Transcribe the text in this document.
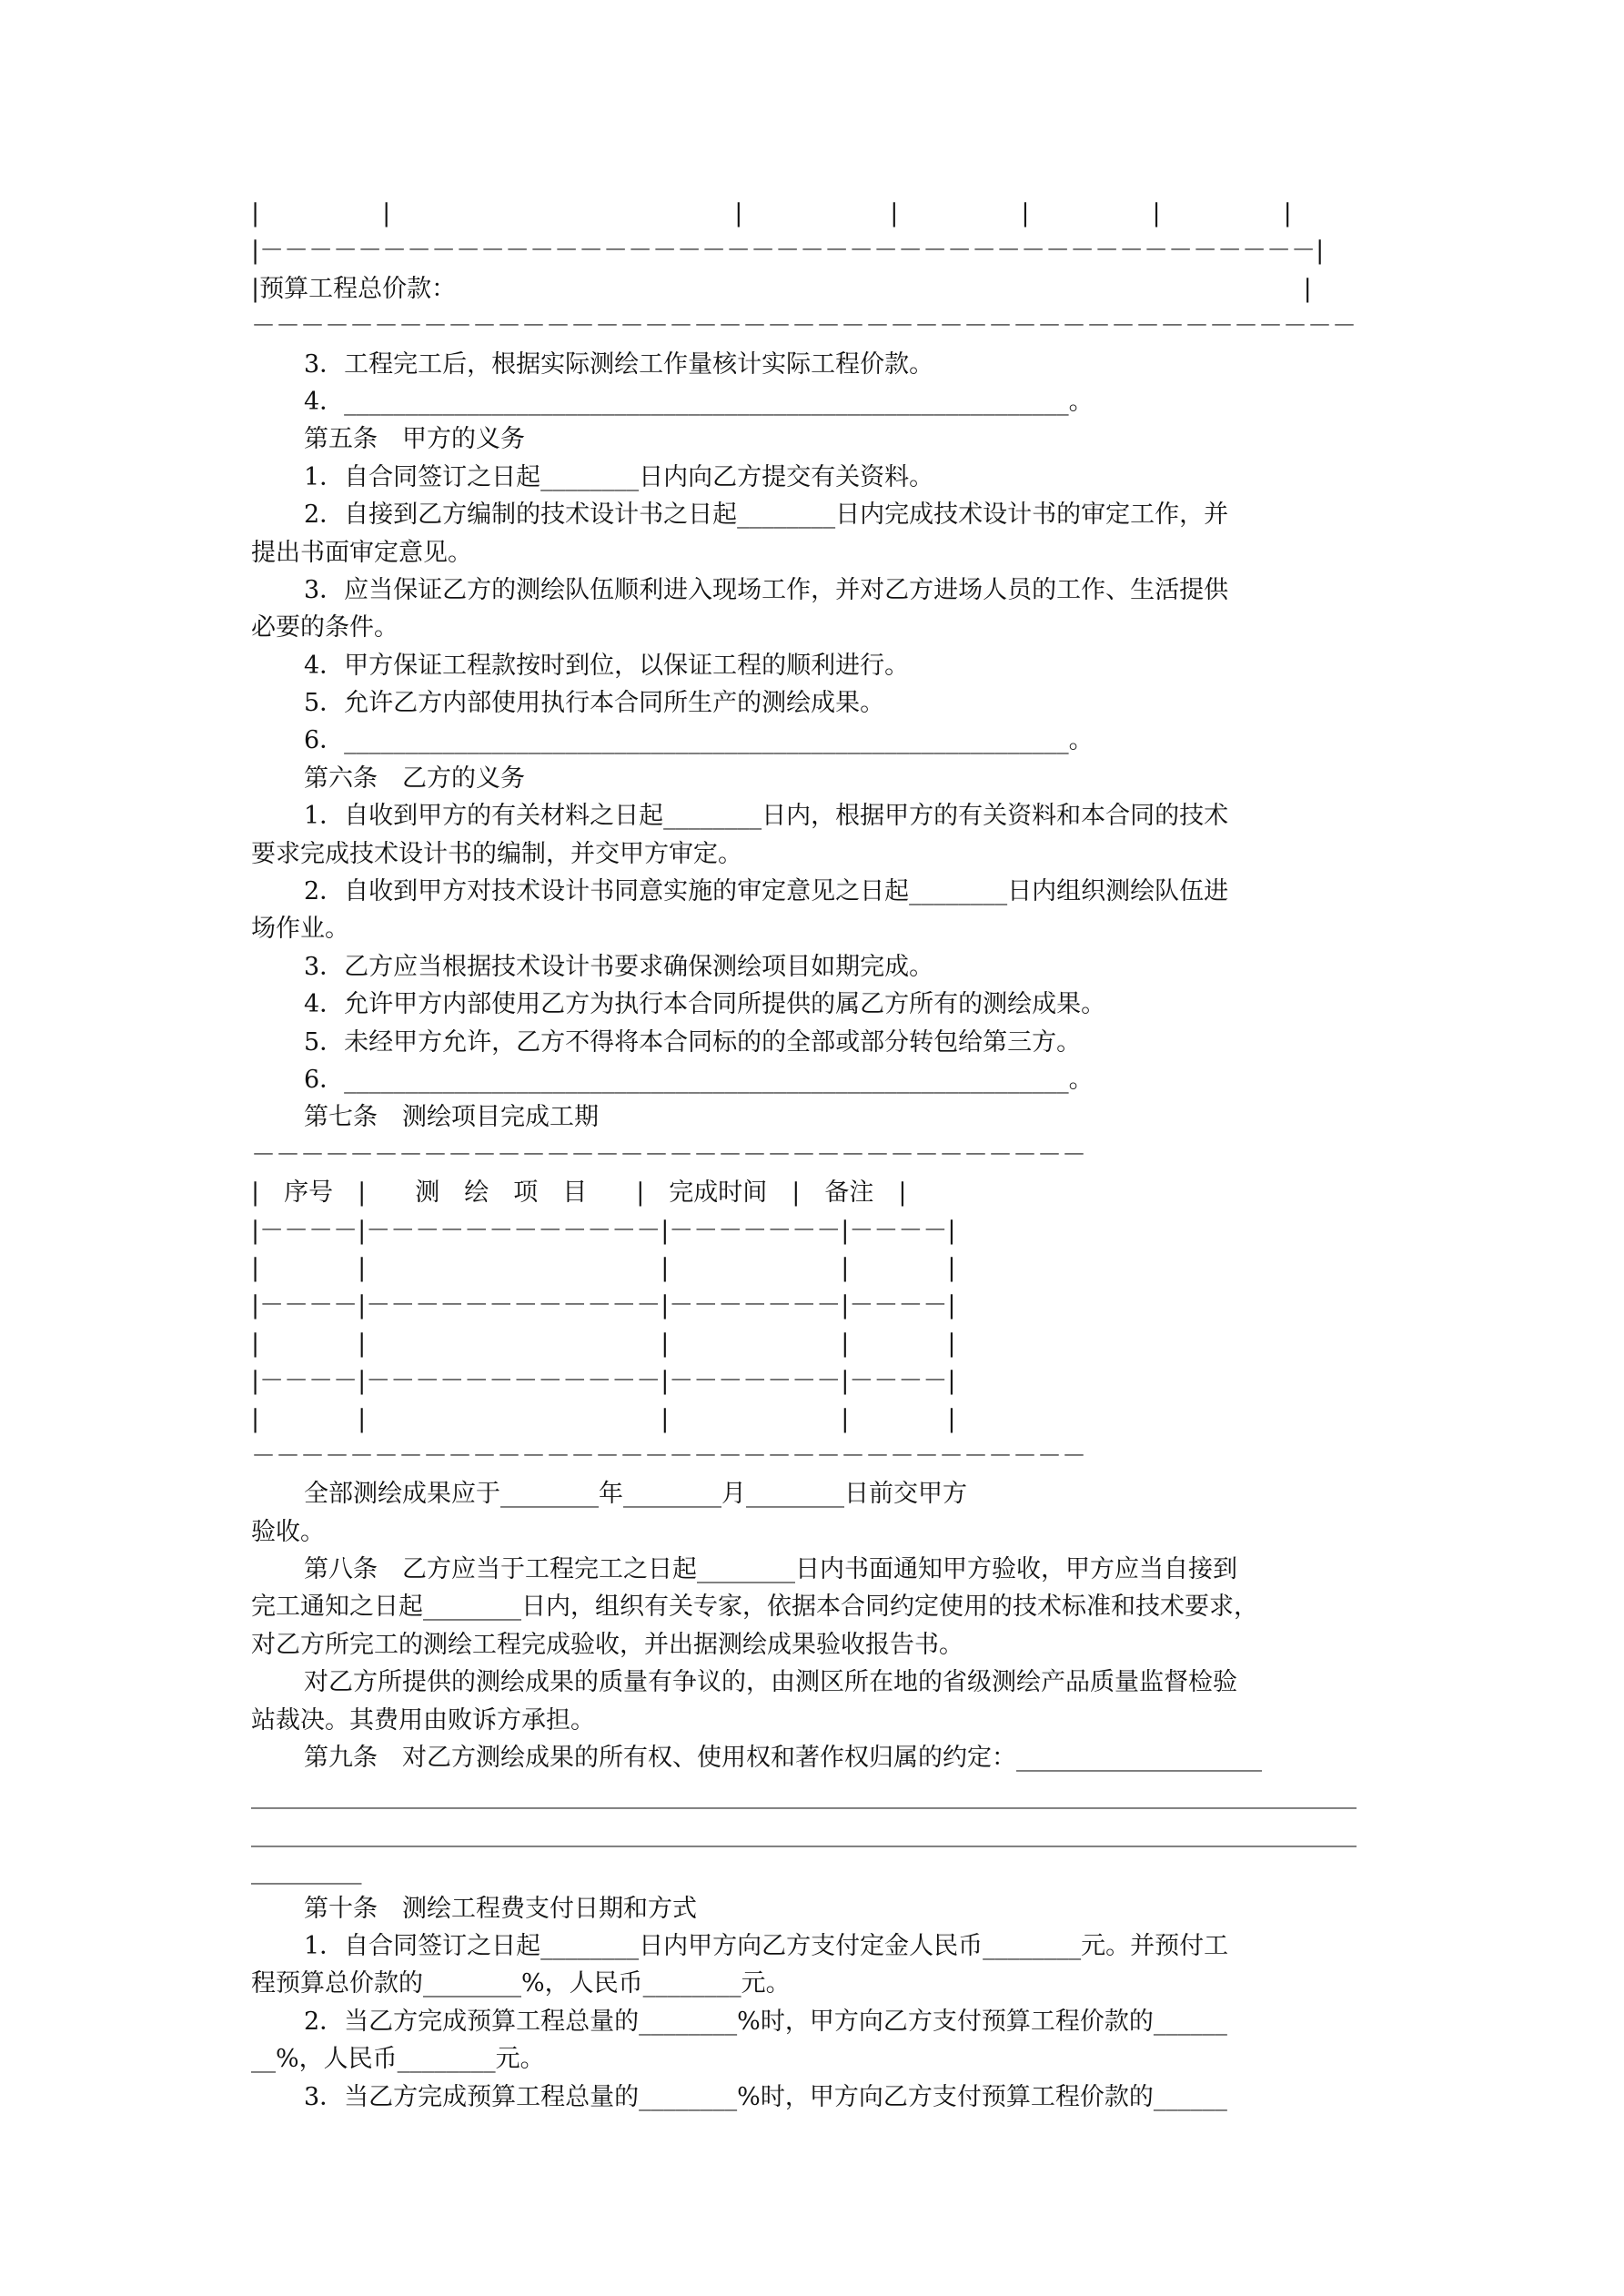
|　　　　　|　　　　　　　　　　　　　　|　　　　　　|　　　　　|　　　　　|　　　　　|
|－－－－－－－－－－－－－－－－－－－－－－－－－－－－－－－－－－－－－－－－－－－|
|预算工程总价款：　　　　　　　　　　　　　　　　　　　　　　　　　　　　　　　　　　　|
－－－－－－－－－－－－－－－－－－－－－－－－－－－－－－－－－－－－－－－－－－－－－
3．工程完工后，根据实际测绘工作量核计实际工程价款。
4．___________________________________________________________。
第五条　甲方的义务
1．自合同签订之日起________日内向乙方提交有关资料。
2．自接到乙方编制的技术设计书之日起________日内完成技术设计书的审定工作，并
提出书面审定意见。
3．应当保证乙方的测绘队伍顺利进入现场工作，并对乙方进场人员的工作、生活提供
必要的条件。
4．甲方保证工程款按时到位，以保证工程的顺利进行。
5．允许乙方内部使用执行本合同所生产的测绘成果。
6．___________________________________________________________。
第六条　乙方的义务
1．自收到甲方的有关材料之日起________日内，根据甲方的有关资料和本合同的技术
要求完成技术设计书的编制，并交甲方审定。
2．自收到甲方对技术设计书同意实施的审定意见之日起________日内组织测绘队伍进
场作业。
3．乙方应当根据技术设计书要求确保测绘项目如期完成。
4．允许甲方内部使用乙方为执行本合同所提供的属乙方所有的测绘成果。
5．未经甲方允许，乙方不得将本合同标的的全部或部分转包给第三方。
6．___________________________________________________________。
第七条　测绘项目完成工期
－－－－－－－－－－－－－－－－－－－－－－－－－－－－－－－－－－
|　序号　|　　测　绘　项　目　　|　完成时间　|　备注　|
|－－－－|－－－－－－－－－－－－|－－－－－－－|－－－－|
|　　　　|　　　　　　　　　　　　|　　　　　　　|　　　　|
|－－－－|－－－－－－－－－－－－|－－－－－－－|－－－－|
|　　　　|　　　　　　　　　　　　|　　　　　　　|　　　　|
|－－－－|－－－－－－－－－－－－|－－－－－－－|－－－－|
|　　　　|　　　　　　　　　　　　|　　　　　　　|　　　　|
－－－－－－－－－－－－－－－－－－－－－－－－－－－－－－－－－－
全部测绘成果应于________年________月________日前交甲方
验收。
第八条　乙方应当于工程完工之日起________日内书面通知甲方验收，甲方应当自接到
完工通知之日起________日内，组织有关专家，依据本合同约定使用的技术标准和技术要求，
对乙方所完工的测绘工程完成验收，并出据测绘成果验收报告书。
对乙方所提供的测绘成果的质量有争议的，由测区所在地的省级测绘产品质量监督检验
站裁决。其费用由败诉方承担。
第九条　对乙方测绘成果的所有权、使用权和著作权归属的约定：____________________
__________________________________________________________________________________________
__________________________________________________________________________________________
_________
第十条　测绘工程费支付日期和方式
1．自合同签订之日起________日内甲方向乙方支付定金人民币________元。并预付工
程预算总价款的________%，人民币________元。
2．当乙方完成预算工程总量的________%时，甲方向乙方支付预算工程价款的______
__%，人民币________元。
3．当乙方完成预算工程总量的________%时，甲方向乙方支付预算工程价款的______
